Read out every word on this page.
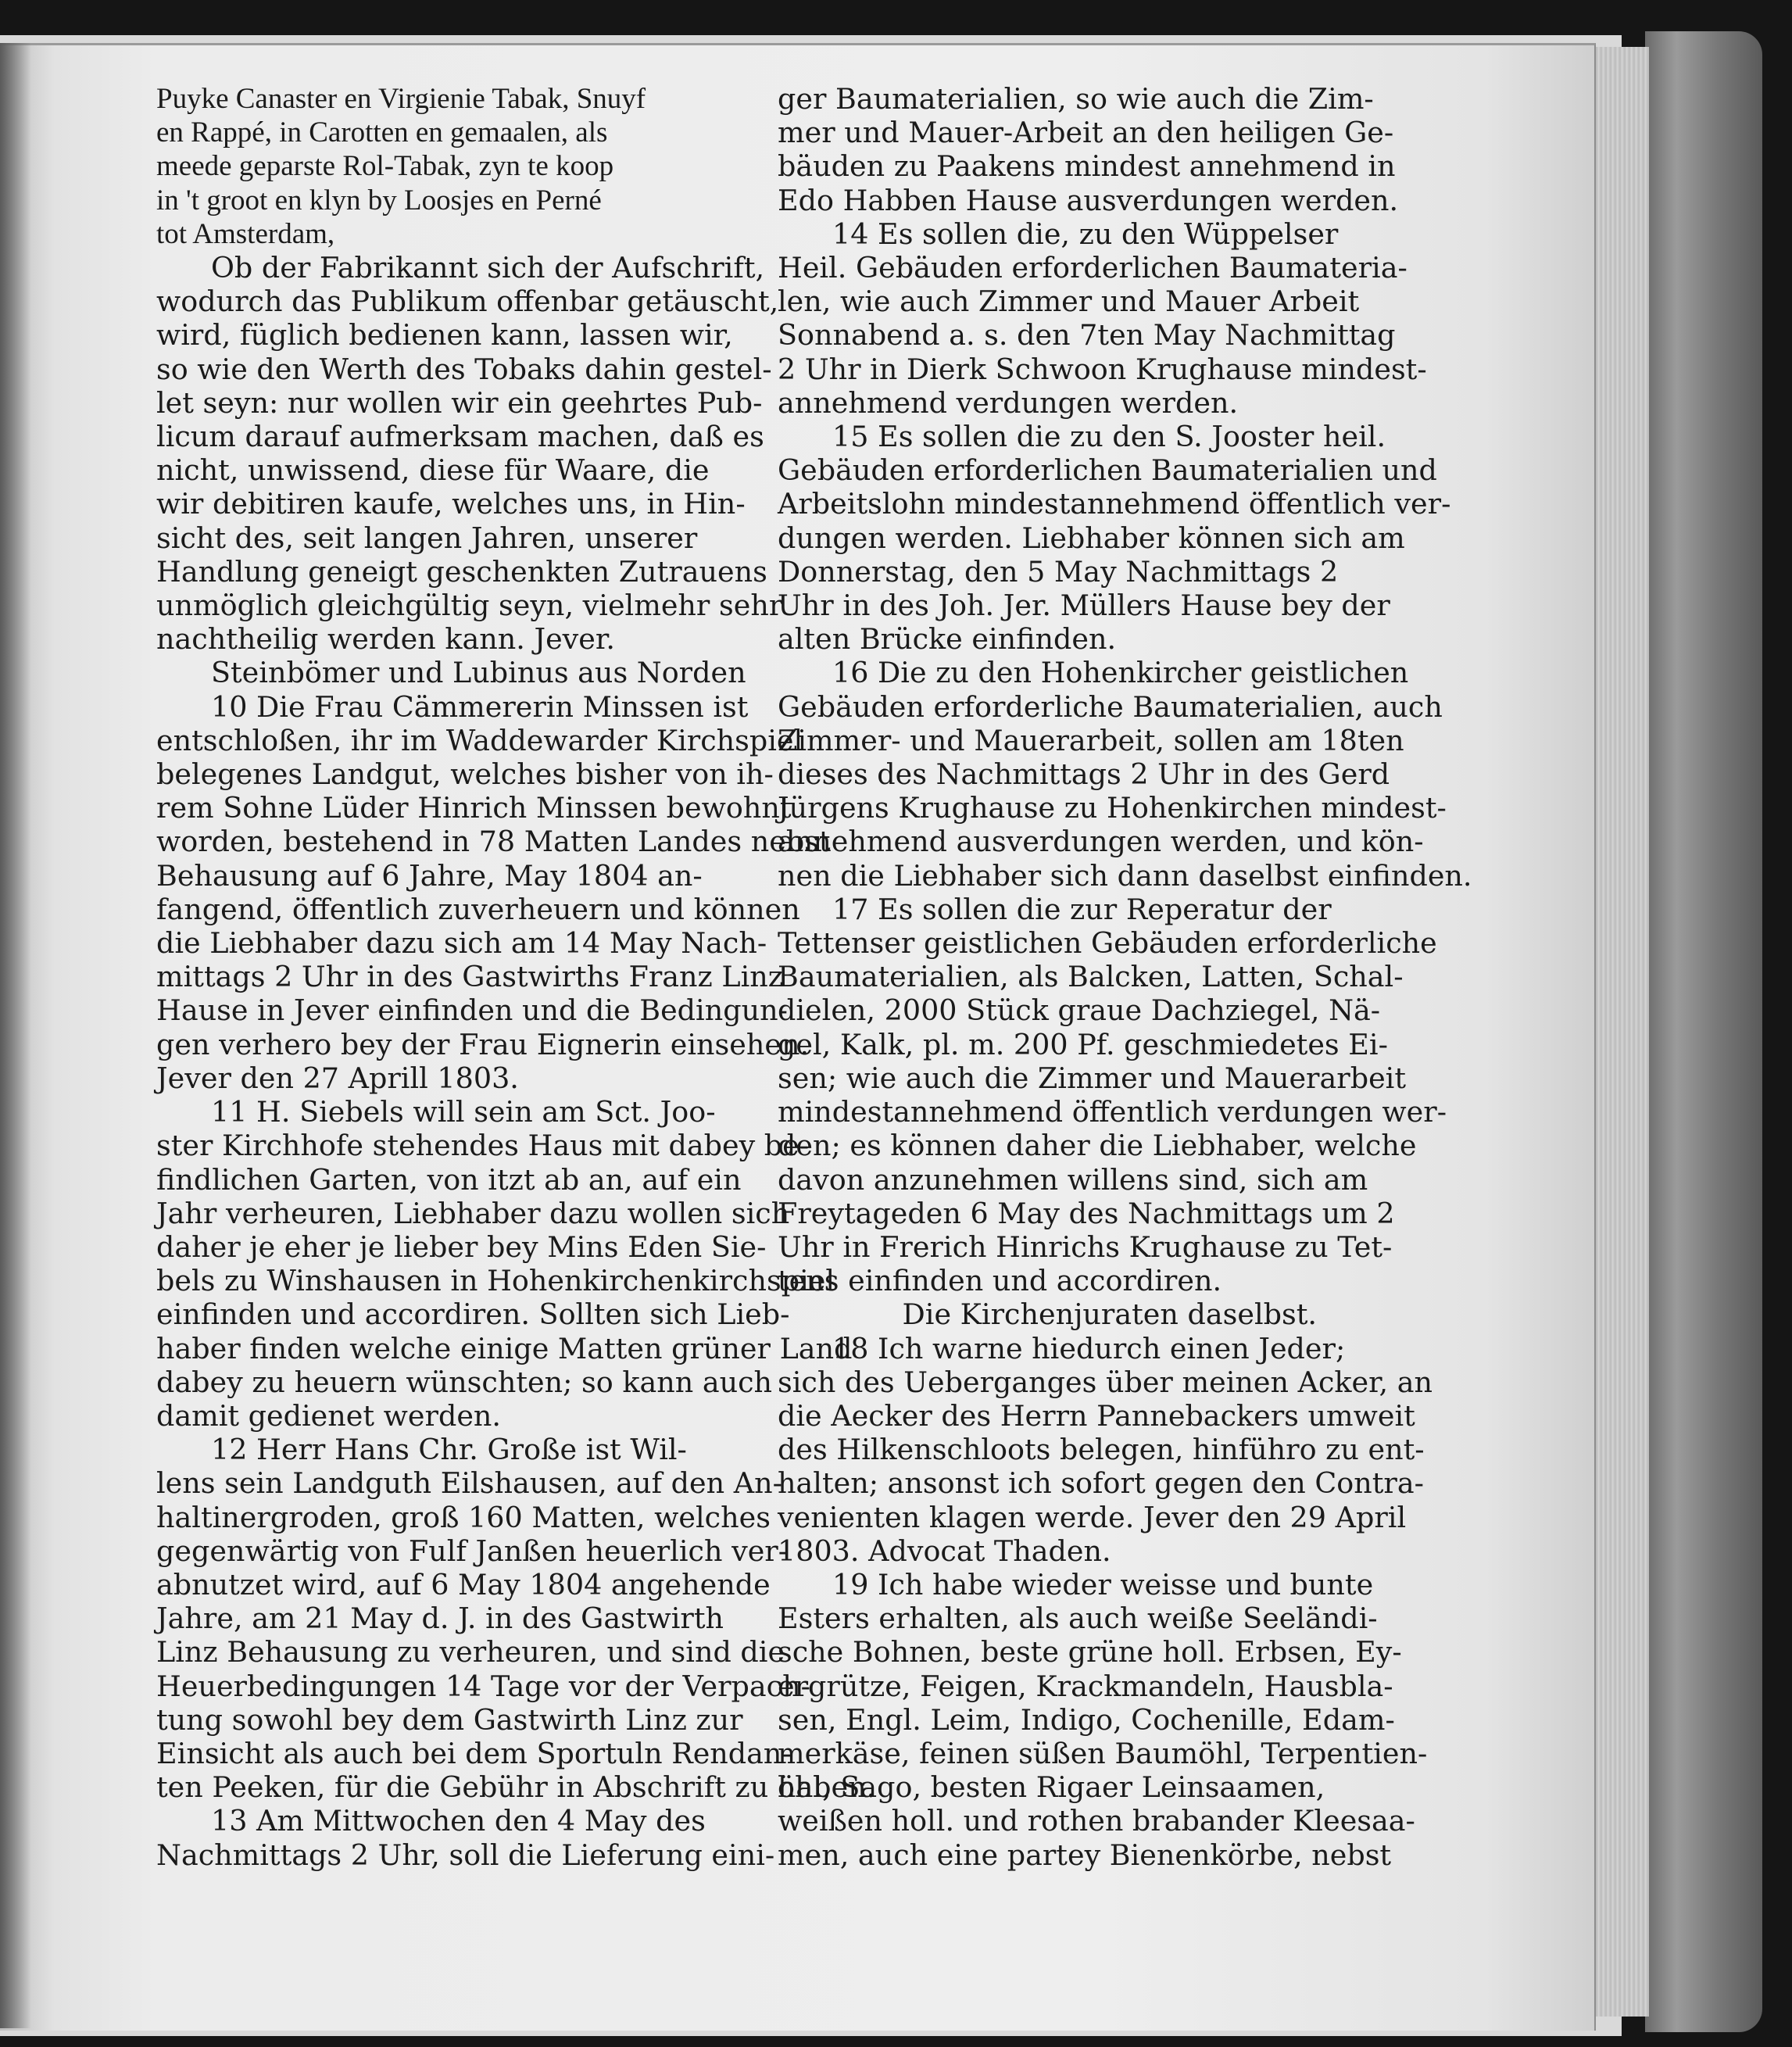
Puyke Canaster en Virgienie Tabak, Snuyf
en Rappé, in Carotten en gemaalen, als
meede geparste Rol-Tabak, zyn te koop
in 't groot en klyn by Loosjes en Perné
tot Amsterdam,
Ob der Fabrikannt sich der Aufschrift,
wodurch das Publikum offenbar getäuscht,
wird, füglich bedienen kann, lassen wir,
so wie den Werth des Tobaks dahin gestel-
let seyn: nur wollen wir ein geehrtes Pub-
licum darauf aufmerksam machen, daß es
nicht, unwissend, diese für Waare, die
wir debitiren kaufe, welches uns, in Hin-
sicht des, seit langen Jahren, unserer
Handlung geneigt geschenkten Zutrauens
unmöglich gleichgültig seyn, vielmehr sehr
nachtheilig werden kann. Jever.
Steinbömer und Lubinus aus Norden
10 Die Frau Cämmererin Minssen ist
entschloßen, ihr im Waddewarder Kirchspiel
belegenes Landgut, welches bisher von ih-
rem Sohne Lüder Hinrich Minssen bewohnt
worden, bestehend in 78 Matten Landes nebst
Behausung auf 6 Jahre, May 1804 an-
fangend, öffentlich zuverheuern und können
die Liebhaber dazu sich am 14 May Nach-
mittags 2 Uhr in des Gastwirths Franz Linz
Hause in Jever einfinden und die Bedingun-
gen verhero bey der Frau Eignerin einsehen.
Jever den 27 Aprill 1803.
11 H. Siebels will sein am Sct. Joo-
ster Kirchhofe stehendes Haus mit dabey be-
findlichen Garten, von itzt ab an, auf ein
Jahr verheuren, Liebhaber dazu wollen sich
daher je eher je lieber bey Mins Eden Sie-
bels zu Winshausen in Hohenkirchenkirchspiel
einfinden und accordiren. Sollten sich Lieb-
haber finden welche einige Matten grüner Land
dabey zu heuern wünschten; so kann auch
damit gedienet werden.
12 Herr Hans Chr. Große ist Wil-
lens sein Landguth Eilshausen, auf den An-
haltinergroden, groß 160 Matten, welches
gegenwärtig von Fulf Janßen heuerlich ver-
abnutzet wird, auf 6 May 1804 angehende
Jahre, am 21 May d. J. in des Gastwirth
Linz Behausung zu verheuren, und sind die
Heuerbedingungen 14 Tage vor der Verpach-
tung sowohl bey dem Gastwirth Linz zur
Einsicht als auch bei dem Sportuln Rendan-
ten Peeken, für die Gebühr in Abschrift zu haben.
13 Am Mittwochen den 4 May des
Nachmittags 2 Uhr, soll die Lieferung eini-
ger Baumaterialien, so wie auch die Zim-
mer und Mauer-Arbeit an den heiligen Ge-
bäuden zu Paakens mindest annehmend in
Edo Habben Hause ausverdungen werden.
14 Es sollen die, zu den Wüppelser
Heil. Gebäuden erforderlichen Baumateria-
len, wie auch Zimmer und Mauer Arbeit
Sonnabend a. s. den 7ten May Nachmittag
2 Uhr in Dierk Schwoon Krughause mindest-
annehmend verdungen werden.
15 Es sollen die zu den S. Jooster heil.
Gebäuden erforderlichen Baumaterialien und
Arbeitslohn mindestannehmend öffentlich ver-
dungen werden. Liebhaber können sich am
Donnerstag, den 5 May Nachmittags 2
Uhr in des Joh. Jer. Müllers Hause bey der
alten Brücke einfinden.
16 Die zu den Hohenkircher geistlichen
Gebäuden erforderliche Baumaterialien, auch
Zimmer- und Mauerarbeit, sollen am 18ten
dieses des Nachmittags 2 Uhr in des Gerd
Jürgens Krughause zu Hohenkirchen mindest-
annehmend ausverdungen werden, und kön-
nen die Liebhaber sich dann daselbst einfinden.
17 Es sollen die zur Reperatur der
Tettenser geistlichen Gebäuden erforderliche
Baumaterialien, als Balcken, Latten, Schal-
dielen, 2000 Stück graue Dachziegel, Nä-
gel, Kalk, pl. m. 200 Pf. geschmiedetes Ei-
sen; wie auch die Zimmer und Mauerarbeit
mindestannehmend öffentlich verdungen wer-
den; es können daher die Liebhaber, welche
davon anzunehmen willens sind, sich am
Freytageden 6 May des Nachmittags um 2
Uhr in Frerich Hinrichs Krughause zu Tet-
tens einfinden und accordiren.
Die Kirchenjuraten daselbst.
18 Ich warne hiedurch einen Jeder;
sich des Ueberganges über meinen Acker, an
die Aecker des Herrn Pannebackers umweit
des Hilkenschloots belegen, hinführo zu ent-
halten; ansonst ich sofort gegen den Contra-
venienten klagen werde. Jever den 29 April
1803. Advocat Thaden.
19 Ich habe wieder weisse und bunte
Esters erhalten, als auch weiße Seeländi-
sche Bohnen, beste grüne holl. Erbsen, Ey-
ergrütze, Feigen, Krackmandeln, Hausbla-
sen, Engl. Leim, Indigo, Cochenille, Edam-
merkäse, feinen süßen Baumöhl, Terpentien-
öhl, Sago, besten Rigaer Leinsaamen,
weißen holl. und rothen brabander Kleesaa-
men, auch eine partey Bienenkörbe, nebst
